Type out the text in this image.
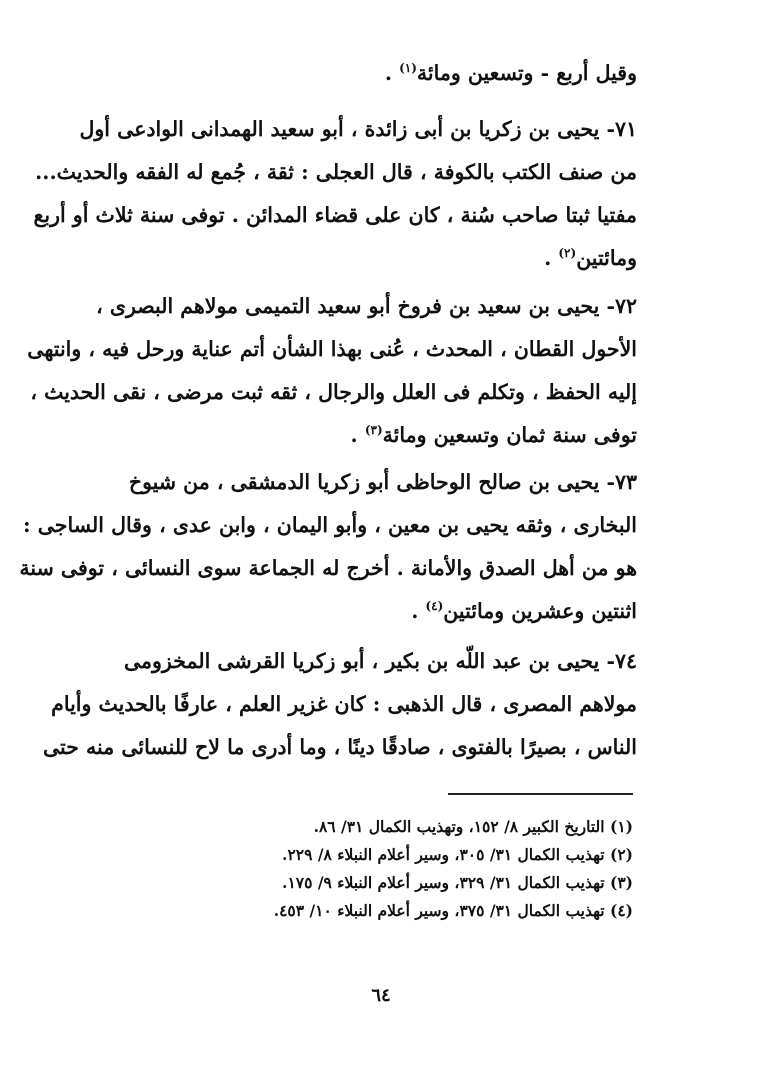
وقيل أربع - وتسعين ومائة$^{(١)}$ .
٧١- يحيى بن زكريا بن أبى زائدة ، أبو سعيد الهمدانى الوادعى أول
من صنف الكتب بالكوفة ، قال العجلى : ثقة ، جُمع له الفقه والحديث...
مفتيا ثبتا صاحب سُنة ، كان على قضاء المدائن . توفى سنة ثلاث أو أربع
ومائتين$^{(٢)}$ .
٧٢- يحيى بن سعيد بن فروخ أبو سعيد التميمى مولاهم البصرى ،
الأحول القطان ، المحدث ، عُنى بهذا الشأن أتم عناية ورحل فيه ، وانتهى
إليه الحفظ ، وتكلم فى العلل والرجال ، ثقه ثبت مرضى ، نقى الحديث ،
توفى سنة ثمان وتسعين ومائة$^{(٣)}$ .
٧٣- يحيى بن صالح الوحاظى أبو زكريا الدمشقى ، من شيوخ
البخارى ، وثقه يحيى بن معين ، وأبو اليمان ، وابن عدى ، وقال الساجى :
هو من أهل الصدق والأمانة . أخرج له الجماعة سوى النسائى ، توفى سنة
اثنتين وعشرين ومائتين$^{(٤)}$ .
٧٤- يحيى بن عبد اللّه بن بكير ، أبو زكريا القرشى المخزومى
مولاهم المصرى ، قال الذهبى : كان غزير العلم ، عارفًا بالحديث وأيام
الناس ، بصيرًا بالفتوى ، صادقًا دينًا ، وما أدرى ما لاح للنسائى منه حتى
(١) التاريخ الكبير ٨/ ١٥٢، وتهذيب الكمال ٣١/ ٨٦.
(٢) تهذيب الكمال ٣١/ ٣٠٥، وسير أعلام النبلاء ٨/ ٢٢٩.
(٣) تهذيب الكمال ٣١/ ٣٢٩، وسير أعلام النبلاء ٩/ ١٧٥.
(٤) تهذيب الكمال ٣١/ ٣٧٥، وسير أعلام النبلاء ١٠/ ٤٥٣.
٦٤
